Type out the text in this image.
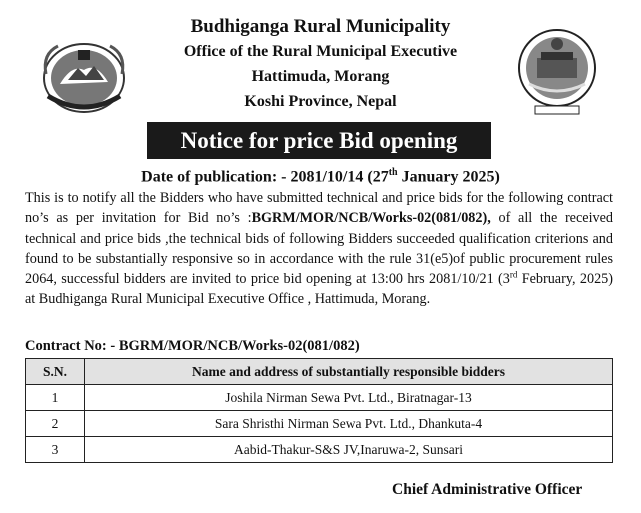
Budhiganga Rural Municipality
Office of the Rural Municipal Executive
Hattimuda, Morang
Koshi Province, Nepal
Notice for price Bid opening
Date of publication: - 2081/10/14 (27th January 2025)
This is to notify all the Bidders who have submitted technical and price bids for the following contract no’s as per invitation for Bid no’s :BGRM/MOR/NCB/Works-02(081/082), of all the received technical and price bids ,the technical bids of following Bidders succeeded qualification criterions and found to be substantially responsive so in accordance with the rule 31(e5)of public procurement rules 2064, successful bidders are invited to price bid opening at 13:00 hrs 2081/10/21 (3rd February, 2025) at Budhiganga Rural Municipal Executive Office , Hattimuda, Morang.
Contract No: - BGRM/MOR/NCB/Works-02(081/082)
S.N.	Name and address of substantially responsible bidders
1	Joshila Nirman Sewa Pvt. Ltd., Biratnagar-13
2	Sara Shristhi Nirman Sewa Pvt. Ltd., Dhankuta-4
3	Aabid-Thakur-S&S JV,Inaruwa-2, Sunsari
Chief Administrative Officer
